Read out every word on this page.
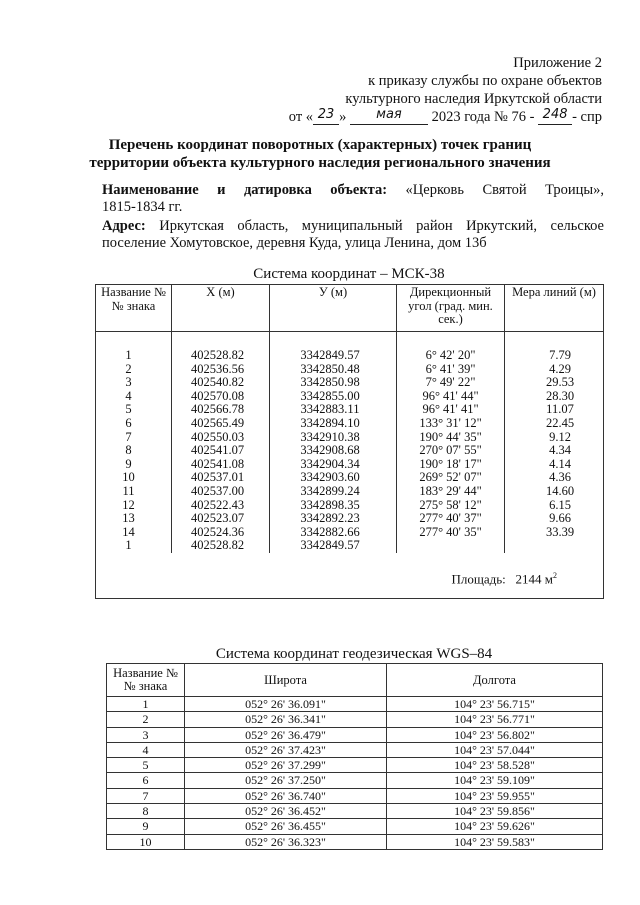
Приложение 2
к приказу службы по охране объектов
культурного наследия Иркутской области
от « 23 » мая 2023 года № 76 - 248 - спр
Перечень координат поворотных (характерных) точек границ
территории объекта культурного наследия регионального значения
Наименование и датировка объекта: «Церковь Святой Троицы»,
1815-1834 гг.
Адрес: Иркутская область, муниципальный район Иркутский, сельское
поселение Хомутовское, деревня Куда, улица Ленина, дом 13б
Система координат – МСК-38
Название №№ знака	X (м)	У (м)	Дирекционный угол (град. мин. сек.)	Мера линий (м)

1	402528.82	3342849.57	6° 42' 20"	7.79
2	402536.56	3342850.48	6° 41' 39"	4.29
3	402540.82	3342850.98	7° 49' 22"	29.53
4	402570.08	3342855.00	96° 41' 44"	28.30
5	402566.78	3342883.11	96° 41' 41"	11.07
6	402565.49	3342894.10	133° 31' 12"	22.45
7	402550.03	3342910.38	190° 44' 35"	9.12
8	402541.07	3342908.68	270° 07' 55"	4.34
9	402541.08	3342904.34	190° 18' 17"	4.14
10	402537.01	3342903.60	269° 52' 07"	4.36
11	402537.00	3342899.24	183° 29' 44"	14.60
12	402522.43	3342898.35	275° 58' 12"	6.15
13	402523.07	3342892.23	277° 40' 37"	9.66
14	402524.36	3342882.66	277° 40' 35"	33.39
1	402528.82	3342849.57		

Площадь: 2144 $м^2$
Система координат геодезическая WGS–84
Название №№ знака	Широта	Долгота
1	052° 26' 36.091"	104° 23' 56.715"
2	052° 26' 36.341"	104° 23' 56.771"
3	052° 26' 36.479"	104° 23' 56.802"
4	052° 26' 37.423"	104° 23' 57.044"
5	052° 26' 37.299"	104° 23' 58.528"
6	052° 26' 37.250"	104° 23' 59.109"
7	052° 26' 36.740"	104° 23' 59.955"
8	052° 26' 36.452"	104° 23' 59.856"
9	052° 26' 36.455"	104° 23' 59.626"
10	052° 26' 36.323"	104° 23' 59.583"
